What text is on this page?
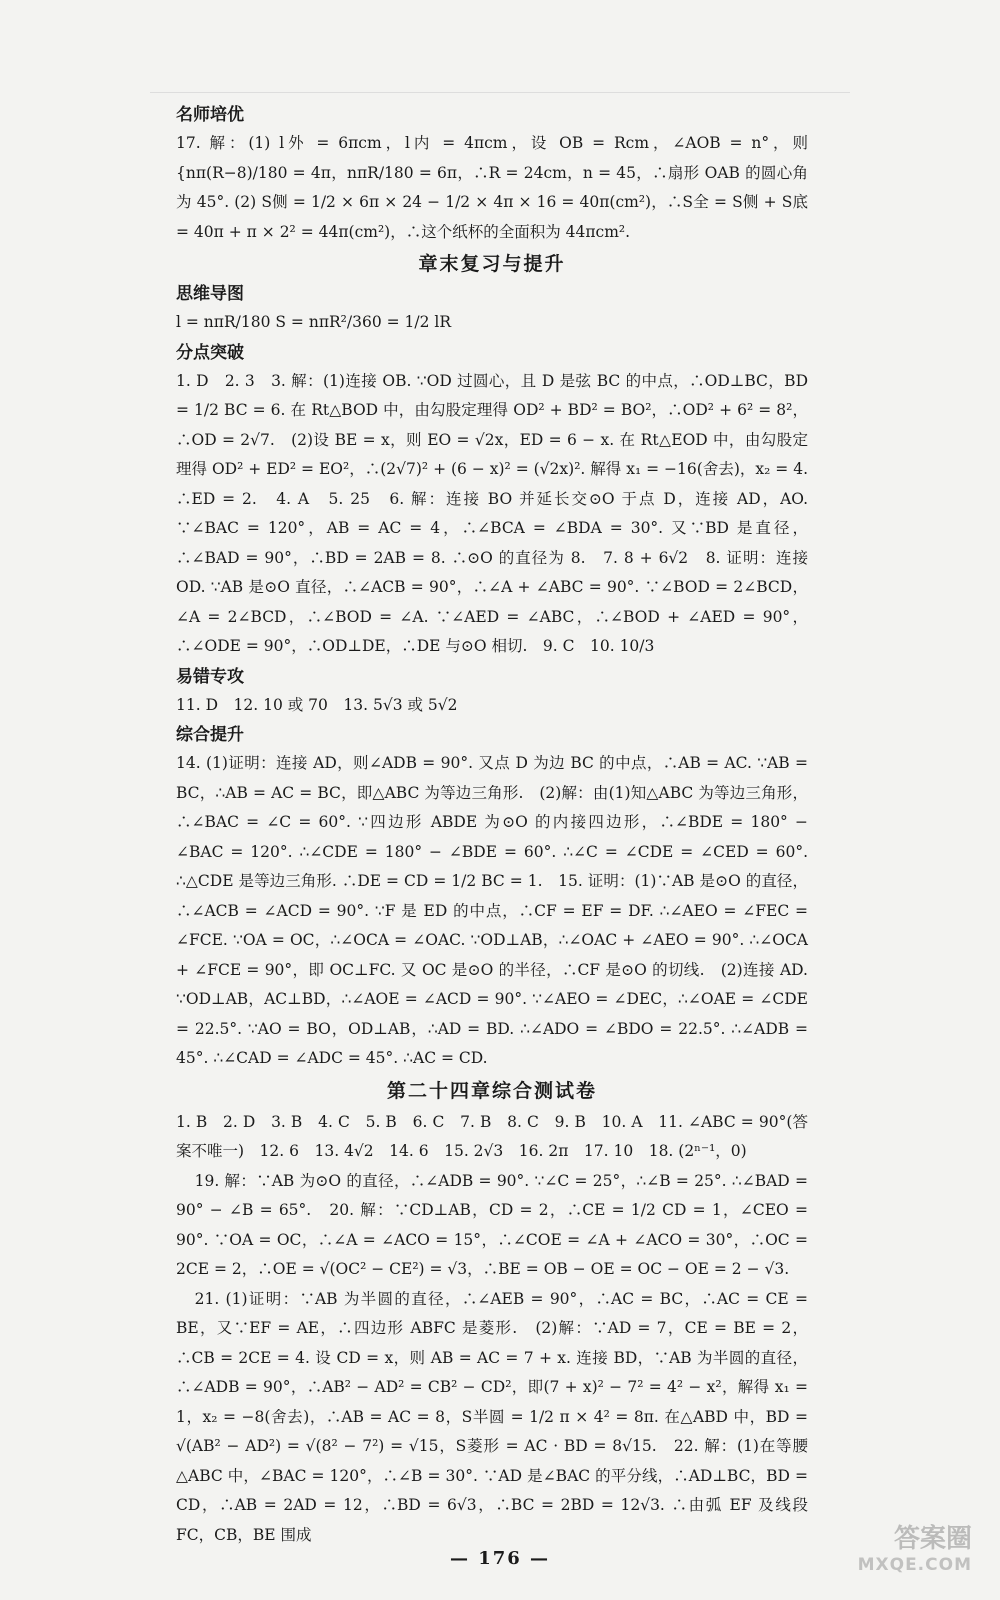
名师培优

17. 解：(1) l外 = 6πcm，l内 = 4πcm，设 OB = Rcm，∠AOB = n°，则 {nπ(R−8)/180 = 4π，nπR/180 = 6π，∴R = 24cm，n = 45，∴扇形 OAB 的圆心角为 45°. (2) S侧 = 1/2 × 6π × 24 − 1/2 × 4π × 16 = 40π(cm²)，∴S全 = S侧 + S底 = 40π + π × 2² = 44π(cm²)，∴这个纸杯的全面积为 44πcm².

章末复习与提升
思维导图

l = nπR/180 S = nπR²/360 = 1/2 lR

分点突破

1. D　2. 3　3. 解：(1)连接 OB. ∵OD 过圆心，且 D 是弦 BC 的中点，∴OD⊥BC，BD = 1/2 BC = 6. 在 Rt△BOD 中，由勾股定理得 OD² + BD² = BO²，∴OD² + 6² = 8²，∴OD = 2√7.　(2)设 BE = x，则 EO = √2x，ED = 6 − x. 在 Rt△EOD 中，由勾股定理得 OD² + ED² = EO²，∴(2√7)² + (6 − x)² = (√2x)². 解得 x₁ = −16(舍去)，x₂ = 4. ∴ED = 2.　4. A　5. 25　6. 解：连接 BO 并延长交⊙O 于点 D，连接 AD，AO. ∵∠BAC = 120°，AB = AC = 4，∴∠BCA = ∠BDA = 30°. 又∵BD 是直径，∴∠BAD = 90°，∴BD = 2AB = 8. ∴⊙O 的直径为 8.　7. 8 + 6√2　8. 证明：连接 OD. ∵AB 是⊙O 直径，∴∠ACB = 90°，∴∠A + ∠ABC = 90°. ∵∠BOD = 2∠BCD，∠A = 2∠BCD，∴∠BOD = ∠A. ∵∠AED = ∠ABC，∴∠BOD + ∠AED = 90°，∴∠ODE = 90°，∴OD⊥DE，∴DE 与⊙O 相切.　9. C　10. 10/3

易错专攻

11. D　12. 10 或 70　13. 5√3 或 5√2

综合提升

14. (1)证明：连接 AD，则∠ADB = 90°. 又点 D 为边 BC 的中点，∴AB = AC. ∵AB = BC，∴AB = AC = BC，即△ABC 为等边三角形.　(2)解：由(1)知△ABC 为等边三角形，∴∠BAC = ∠C = 60°. ∵四边形 ABDE 为⊙O 的内接四边形，∴∠BDE = 180° − ∠BAC = 120°. ∴∠CDE = 180° − ∠BDE = 60°. ∴∠C = ∠CDE = ∠CED = 60°. ∴△CDE 是等边三角形. ∴DE = CD = 1/2 BC = 1.　15. 证明：(1)∵AB 是⊙O 的直径，∴∠ACB = ∠ACD = 90°. ∵F 是 ED 的中点，∴CF = EF = DF. ∴∠AEO = ∠FEC = ∠FCE. ∵OA = OC，∴∠OCA = ∠OAC. ∵OD⊥AB，∴∠OAC + ∠AEO = 90°. ∴∠OCA + ∠FCE = 90°，即 OC⊥FC. 又 OC 是⊙O 的半径，∴CF 是⊙O 的切线.　(2)连接 AD. ∵OD⊥AB，AC⊥BD，∴∠AOE = ∠ACD = 90°. ∵∠AEO = ∠DEC，∴∠OAE = ∠CDE = 22.5°. ∵AO = BO，OD⊥AB，∴AD = BD. ∴∠ADO = ∠BDO = 22.5°. ∴∠ADB = 45°. ∴∠CAD = ∠ADC = 45°. ∴AC = CD.

第二十四章综合测试卷

1. B　2. D　3. B　4. C　5. B　6. C　7. B　8. C　9. B　10. A　11. ∠ABC = 90°(答案不唯一)　12. 6　13. 4√2　14. 6　15. 2√3　16. 2π　17. 10　18. (2ⁿ⁻¹，0)

19. 解：∵AB 为⊙O 的直径，∴∠ADB = 90°. ∵∠C = 25°，∴∠B = 25°. ∴∠BAD = 90° − ∠B = 65°.　20. 解：∵CD⊥AB，CD = 2，∴CE = 1/2 CD = 1，∠CEO = 90°. ∵OA = OC，∴∠A = ∠ACO = 15°，∴∠COE = ∠A + ∠ACO = 30°，∴OC = 2CE = 2，∴OE = √(OC² − CE²) = √3，∴BE = OB − OE = OC − OE = 2 − √3.

21. (1)证明：∵AB 为半圆的直径，∴∠AEB = 90°，∴AC = BC，∴AC = CE = BE，又∵EF = AE，∴四边形 ABFC 是菱形.　(2)解：∵AD = 7，CE = BE = 2，∴CB = 2CE = 4. 设 CD = x，则 AB = AC = 7 + x. 连接 BD，∵AB 为半圆的直径，∴∠ADB = 90°，∴AB² − AD² = CB² − CD²，即(7 + x)² − 7² = 4² − x²，解得 x₁ = 1，x₂ = −8(舍去)，∴AB = AC = 8，S半圆 = 1/2 π × 4² = 8π. 在△ABD 中，BD = √(AB² − AD²) = √(8² − 7²) = √15，S菱形 = AC · BD = 8√15.　22. 解：(1)在等腰△ABC 中，∠BAC = 120°，∴∠B = 30°. ∵AD 是∠BAC 的平分线，∴AD⊥BC，BD = CD，∴AB = 2AD = 12，∴BD = 6√3，∴BC = 2BD = 12√3. ∴由弧 EF 及线段 FC，CB，BE 围成

— 176 —
答案圈
MXQE.COM
